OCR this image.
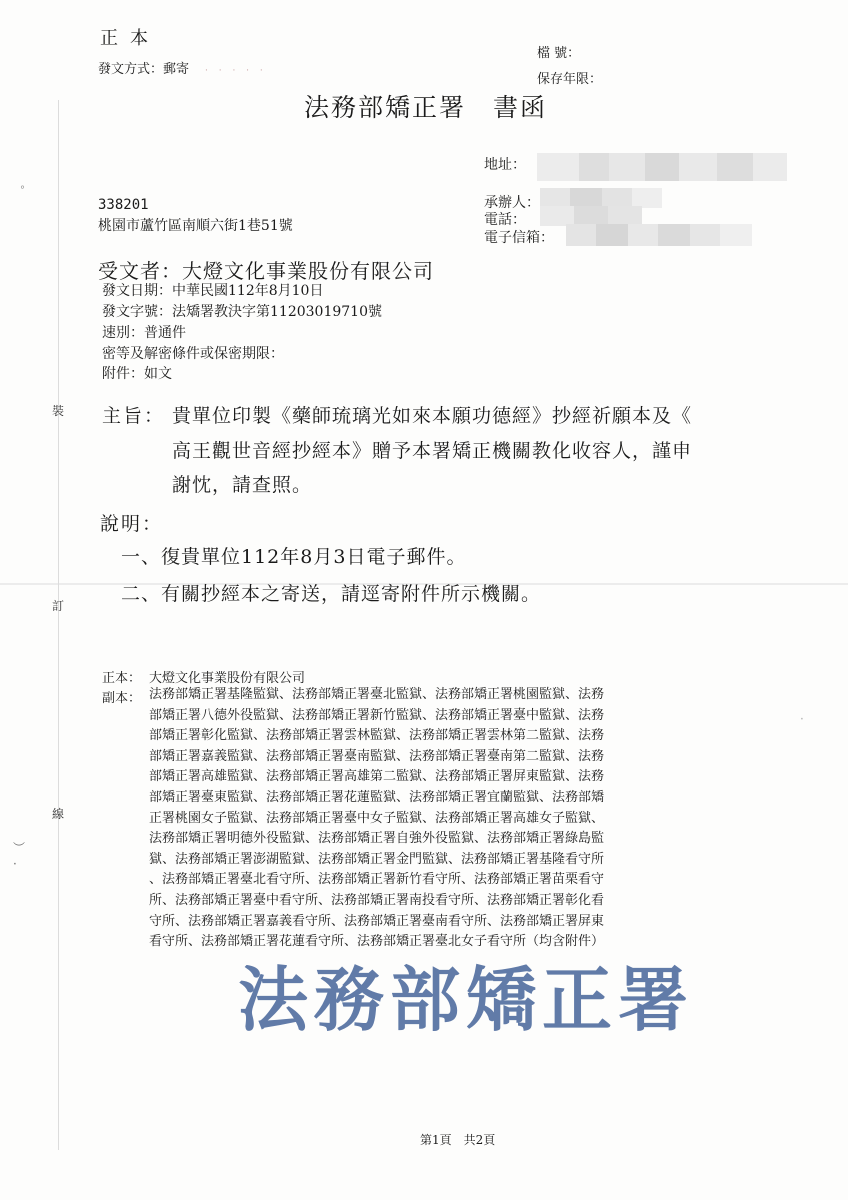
正本
發文方式：郵寄 · · · · ·
檔 號：
保存年限：
法務部矯正署　書函
地址：
承辦人：
電話：
電子信箱：
338201
桃園市蘆竹區南順六街1巷51號
受文者：大燈文化事業股份有限公司
發文日期：中華民國112年8月10日
發文字號：法矯署教決字第11203019710號
速別：普通件
密等及解密條件或保密期限：
附件：如文
主旨： 貴單位印製《藥師琉璃光如來本願功德經》抄經祈願本及《
高王觀世音經抄經本》贈予本署矯正機關教化收容人，謹申
謝忱，請查照。
說明：
一、復貴單位112年8月3日電子郵件。
二、有關抄經本之寄送，請逕寄附件所示機關。
裝
訂
線
︶
‧
°
‧
正本： 大燈文化事業股份有限公司
副本： 法務部矯正署基隆監獄、法務部矯正署臺北監獄、法務部矯正署桃園監獄、法務
部矯正署八德外役監獄、法務部矯正署新竹監獄、法務部矯正署臺中監獄、法務
部矯正署彰化監獄、法務部矯正署雲林監獄、法務部矯正署雲林第二監獄、法務
部矯正署嘉義監獄、法務部矯正署臺南監獄、法務部矯正署臺南第二監獄、法務
部矯正署高雄監獄、法務部矯正署高雄第二監獄、法務部矯正署屏東監獄、法務
部矯正署臺東監獄、法務部矯正署花蓮監獄、法務部矯正署宜蘭監獄、法務部矯
正署桃園女子監獄、法務部矯正署臺中女子監獄、法務部矯正署高雄女子監獄、
法務部矯正署明德外役監獄、法務部矯正署自強外役監獄、法務部矯正署綠島監
獄、法務部矯正署澎湖監獄、法務部矯正署金門監獄、法務部矯正署基隆看守所
、法務部矯正署臺北看守所、法務部矯正署新竹看守所、法務部矯正署苗栗看守
所、法務部矯正署臺中看守所、法務部矯正署南投看守所、法務部矯正署彰化看
守所、法務部矯正署嘉義看守所、法務部矯正署臺南看守所、法務部矯正署屏東
看守所、法務部矯正署花蓮看守所、法務部矯正署臺北女子看守所（均含附件）
法務部矯正署
第1頁　共2頁
